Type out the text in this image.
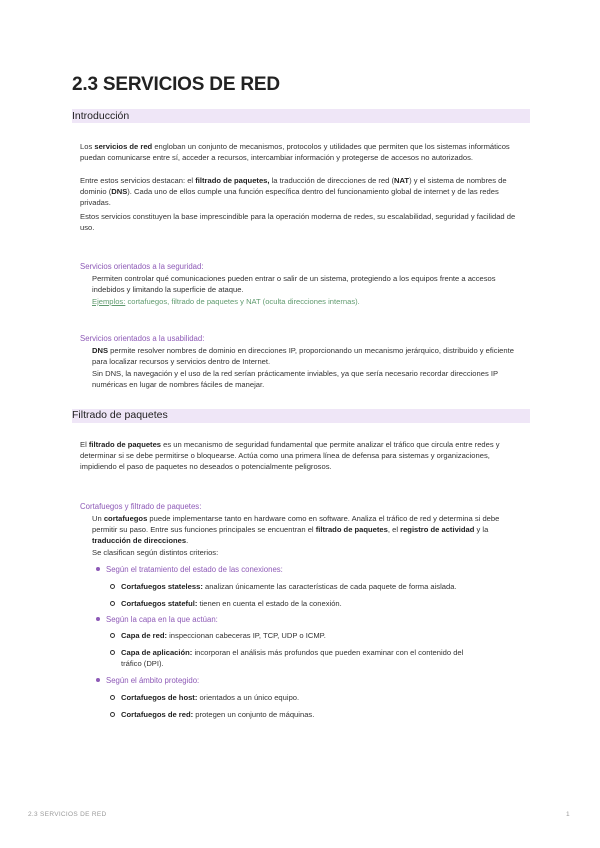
2.3 SERVICIOS DE RED
Introducción

Los servicios de red engloban un conjunto de mecanismos, protocolos y utilidades que permiten que los sistemas informáticos puedan comunicarse entre sí, acceder a recursos, intercambiar información y protegerse de accesos no autorizados.

Entre estos servicios destacan: el filtrado de paquetes, la traducción de direcciones de red (NAT) y el sistema de nombres de dominio (DNS). Cada uno de ellos cumple una función específica dentro del funcionamiento global de internet y de las redes privadas.

Estos servicios constituyen la base imprescindible para la operación moderna de redes, su escalabilidad, seguridad y facilidad de uso.

Servicios orientados a la seguridad:

Permiten controlar qué comunicaciones pueden entrar o salir de un sistema, protegiendo a los equipos frente a accesos indebidos y limitando la superficie de ataque.

Ejemplos: cortafuegos, filtrado de paquetes y NAT (oculta direcciones internas).

Servicios orientados a la usabilidad:

DNS permite resolver nombres de dominio en direcciones IP, proporcionando un mecanismo jerárquico, distribuido y eficiente para localizar recursos y servicios dentro de Internet.

Sin DNS, la navegación y el uso de la red serían prácticamente inviables, ya que sería necesario recordar direcciones IP numéricas en lugar de nombres fáciles de manejar.

Filtrado de paquetes

El filtrado de paquetes es un mecanismo de seguridad fundamental que permite analizar el tráfico que circula entre redes y determinar si se debe permitirse o bloquearse. Actúa como una primera línea de defensa para sistemas y organizaciones, impidiendo el paso de paquetes no deseados o potencialmente peligrosos.

Cortafuegos y filtrado de paquetes:

Un cortafuegos puede implementarse tanto en hardware como en software. Analiza el tráfico de red y determina si debe permitir su paso. Entre sus funciones principales se encuentran el filtrado de paquetes, el registro de actividad y la traducción de direcciones.

Se clasifican según distintos criterios:

Según el tratamiento del estado de las conexiones:

Cortafuegos stateless: analizan únicamente las características de cada paquete de forma aislada.

Cortafuegos stateful: tienen en cuenta el estado de la conexión.

Según la capa en la que actúan:

Capa de red: inspeccionan cabeceras IP, TCP, UDP o ICMP.

Capa de aplicación: incorporan el análisis más profundos que pueden examinar con el contenido del
tráfico (DPI).

Según el ámbito protegido:

Cortafuegos de host: orientados a un único equipo.

Cortafuegos de red: protegen un conjunto de máquinas.

2.3 SERVICIOS DE RED	1
